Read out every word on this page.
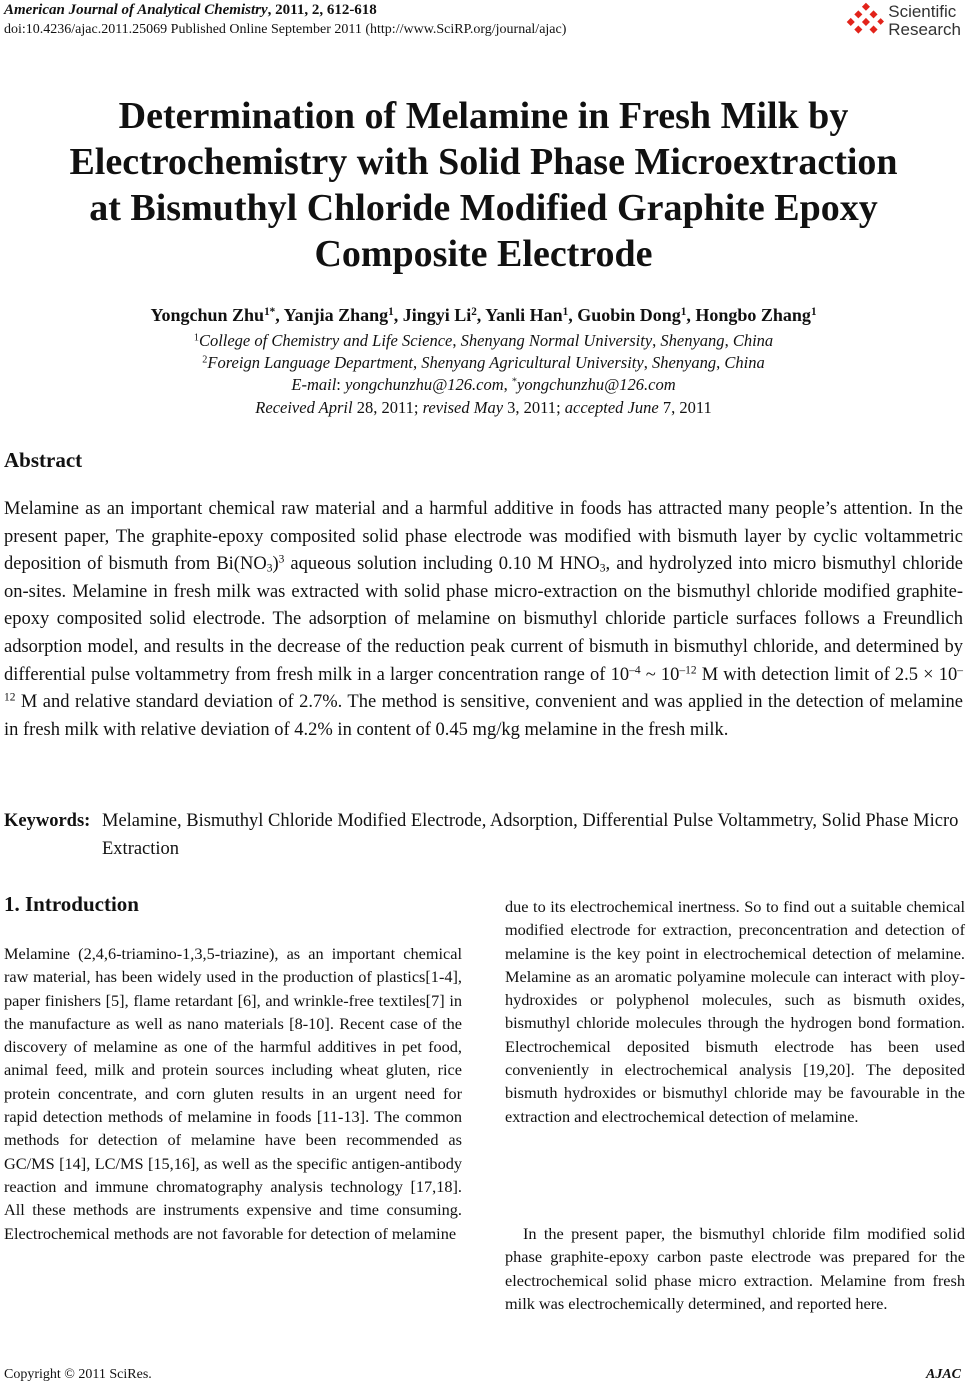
American Journal of Analytical Chemistry, 2011, 2, 612-618
doi:10.4236/ajac.2011.25069 Published Online September 2011 (http://www.SciRP.org/journal/ajac)
Scientific
Research
Determination of Melamine in Fresh Milk by
Electrochemistry with Solid Phase Microextraction
at Bismuthyl Chloride Modified Graphite Epoxy
Composite Electrode
Yongchun Zhu$^{1*}$, Yanjia Zhang$^1$, Jingyi Li$^2$, Yanli Han$^1$, Guobin Dong$^1$, Hongbo Zhang$^1$
$^1$College of Chemistry and Life Science, Shenyang Normal University, Shenyang, China
$^2$Foreign Language Department, Shenyang Agricultural University, Shenyang, China
E-mail: yongchunzhu@126.com, *yongchunzhu@126.com
Received April 28, 2011; revised May 3, 2011; accepted June 7, 2011
Abstract

Melamine as an important chemical raw material and a harmful additive in foods has attracted many people’s attention. In the present paper, The graphite-epoxy composited solid phase electrode was modified with bismuth layer by cyclic voltammetric deposition of bismuth from $Bi(NO_3)^3$ aqueous solution including 0.10 M $HNO_3$, and hydrolyzed into micro bismuthyl chloride on-sites. Melamine in fresh milk was extracted with solid phase micro-extraction on the bismuthyl chloride modified graphite-epoxy composited solid electrode. The adsorption of melamine on bismuthyl chloride particle surfaces follows a Freundlich adsorption model, and results in the decrease of the reduction peak current of bismuth in bismuthyl chloride, and determined by differential pulse voltammetry from fresh milk in a larger concentration range of $10^{-4}$ ~ $10^{-12}$ M with detection limit of $2.5 \times 10^{-12}$ M and relative standard deviation of 2.7%. The method is sensitive, convenient and was applied in the detection of melamine in fresh milk with relative deviation of 4.2% in content of 0.45 mg/kg melamine in the fresh milk.

Keywords: Melamine, Bismuthyl Chloride Modified Electrode, Adsorption, Differential Pulse Voltammetry, Solid Phase Micro Extraction
1. Introduction

Melamine (2,4,6-triamino-1,3,5-triazine), as an important chemical raw material, has been widely used in the production of plastics[1-4], paper finishers [5], flame retardant [6], and wrinkle-free textiles[7] in the manufacture as well as nano materials [8-10]. Recent case of the discovery of melamine as one of the harmful additives in pet food, animal feed, milk and protein sources including wheat gluten, rice protein concentrate, and corn gluten results in an urgent need for rapid detection methods of melamine in foods [11-13]. The common methods for detection of melamine have been recommended as GC/MS [14], LC/MS [15,16], as well as the specific antigen-antibody reaction and immune chromatography analysis technology [17,18]. All these methods are instruments expensive and time consuming. Electrochemical methods are not favorable for detection of melamine

due to its electrochemical inertness. So to find out a suitable chemical modified electrode for extraction, preconcentration and detection of melamine is the key point in electrochemical detection of melamine. Melamine as an aromatic polyamine molecule can interact with ploy-hydroxides or polyphenol molecules, such as bismuth oxides, bismuthyl chloride molecules through the hydrogen bond formation. Electrochemical deposited bismuth electrode has been used conveniently in electrochemical analysis [19,20]. The deposited bismuth hydroxides or bismuthyl chloride may be favourable in the extraction and electrochemical detection of melamine.

In the present paper, the bismuthyl chloride film modified solid phase graphite-epoxy carbon paste electrode was prepared for the electrochemical solid phase micro extraction. Melamine from fresh milk was electrochemically determined, and reported here.

Copyright © 2011 SciRes.	AJAC
